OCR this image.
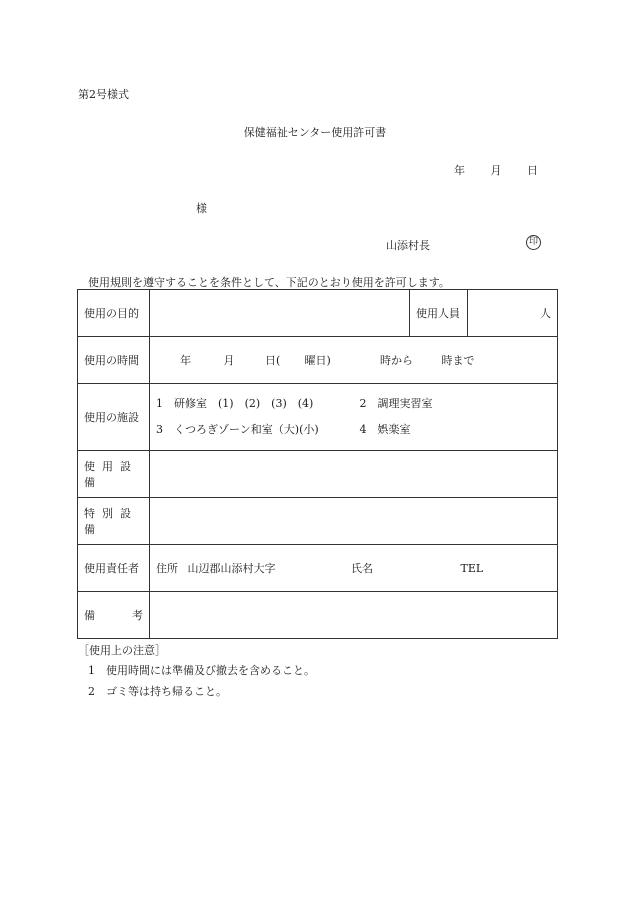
第2号様式
保健福祉センター使用許可書
年 月 日
様
山添村長	印
使用規則を遵守することを条件として、下記のとおり使用を許可します。
使用の目的		使用人員	人
使用の時間	年 月 日( 曜日) 時から 時まで		

使用の施設	1　研修室　(1)　(2)　(3)　(4) 2　調理実習室
3　くつろぎゾーン和室（大)(小) 4　娯楽室		

使用設備			
特別設備			
使用責任者	住所 山辺郡山添村大字 氏名 TEL		

備 考			

［使用上の注意］
1　使用時間には準備及び撤去を含めること。
2　ゴミ等は持ち帰ること。
